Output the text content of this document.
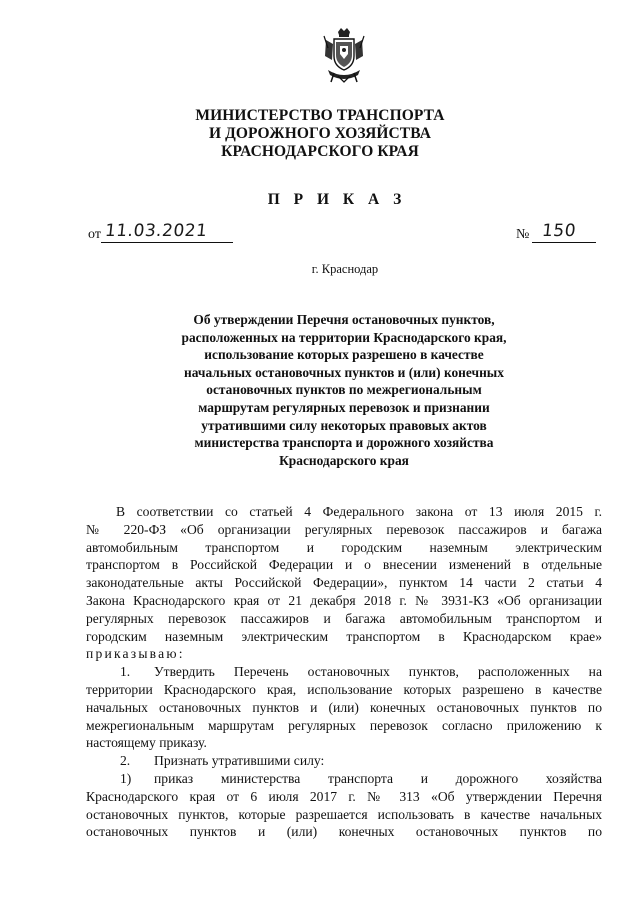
МИНИСТЕРСТВО ТРАНСПОРТА
И ДОРОЖНОГО ХОЗЯЙСТВА
КРАСНОДАРСКОГО КРАЯ
П Р И К А З
от 11.03.2021	№ 150
г. Краснодар
Об утверждении Перечня остановочных пунктов,
расположенных на территории Краснодарского края,
использование которых разрешено в качестве
начальных остановочных пунктов и (или) конечных
остановочных пунктов по межрегиональным
маршрутам регулярных перевозок и признании
утратившими силу некоторых правовых актов
министерства транспорта и дорожного хозяйства
Краснодарского края
В соответствии со статьей 4 Федерального закона от 13 июля 2015 г.
№ 220-ФЗ «Об организации регулярных перевозок пассажиров и багажа
автомобильным транспортом и городским наземным электрическим
транспортом в Российской Федерации и о внесении изменений в отдельные
законодательные акты Российской Федерации», пунктом 14 части 2 статьи 4
Закона Краснодарского края от 21 декабря 2018 г. № 3931-КЗ «Об организации
регулярных перевозок пассажиров и багажа автомобильным транспортом и
городским наземным электрическим транспортом в Краснодарском крае»
приказываю:
1. Утвердить Перечень остановочных пунктов, расположенных на
территории Краснодарского края, использование которых разрешено в качестве
начальных остановочных пунктов и (или) конечных остановочных пунктов по
межрегиональным маршрутам регулярных перевозок согласно приложению к
настоящему приказу.
2. Признать утратившими силу:
1) приказ министерства транспорта и дорожного хозяйства
Краснодарского края от 6 июля 2017 г. № 313 «Об утверждении Перечня
остановочных пунктов, которые разрешается использовать в качестве начальных
остановочных пунктов и (или) конечных остановочных пунктов по
